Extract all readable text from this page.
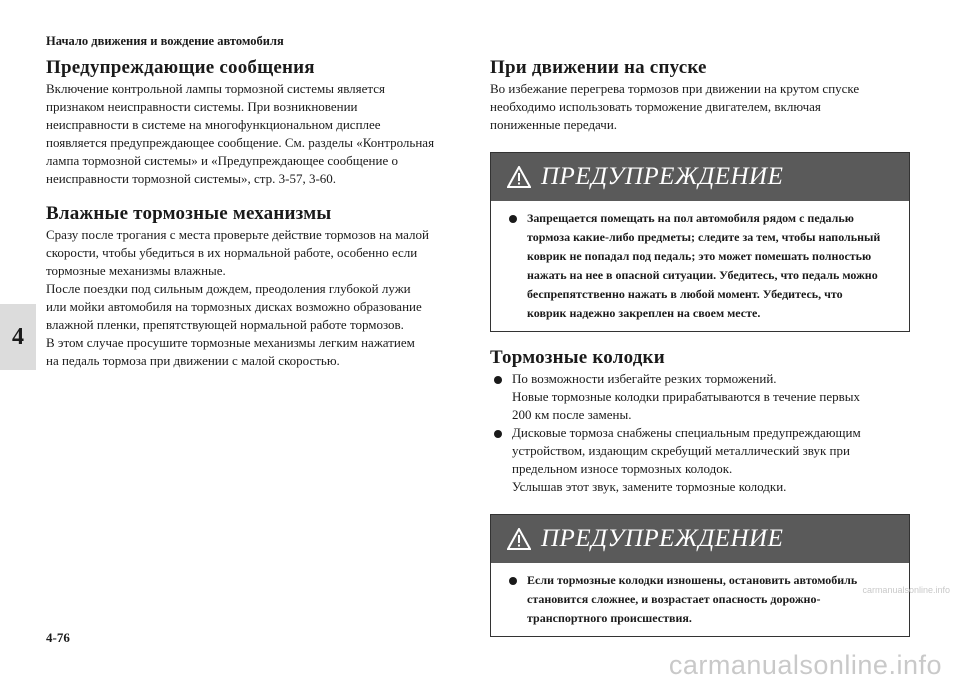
Начало движения и вождение автомобиля
4
Предупреждающие сообщения

Включение контрольной лампы тормозной системы является
признаком неисправности системы. При возникновении
неисправности в системе на многофункциональном дисплее
появляется предупреждающее сообщение. См. разделы «Контрольная
лампа тормозной системы» и «Предупреждающее сообщение о
неисправности тормозной системы», стр. 3-57, 3-60.

Влажные тормозные механизмы

Сразу после трогания с места проверьте действие тормозов на малой
скорости, чтобы убедиться в их нормальной работе, особенно если
тормозные механизмы влажные.
После поездки под сильным дождем, преодоления глубокой лужи
или мойки автомобиля на тормозных дисках возможно образование
влажной пленки, препятствующей нормальной работе тормозов.
В этом случае просушите тормозные механизмы легким нажатием
на педаль тормоза при движении с малой скоростью.

При движении на спуске

Во избежание перегрева тормозов при движении на крутом спуске
необходимо использовать торможение двигателем, включая
пониженные передачи.

ПРЕДУПРЕЖДЕНИЕ
Запрещается помещать на пол автомобиля рядом с педалью
тормоза какие-либо предметы; следите за тем, чтобы напольный
коврик не попадал под педаль; это может помешать полностью
нажать на нее в опасной ситуации. Убедитесь, что педаль можно
беспрепятственно нажать в любой момент. Убедитесь, что
коврик надежно закреплен на своем месте.
Тормозные колодки
По возможности избегайте резких торможений.
Новые тормозные колодки прирабатываются в течение первых
200 км после замены.
Дисковые тормоза снабжены специальным предупреждающим
устройством, издающим скребущий металлический звук при
предельном износе тормозных колодок.
Услышав этот звук, замените тормозные колодки.
ПРЕДУПРЕЖДЕНИЕ
Если тормозные колодки изношены, остановить автомобиль
становится сложнее, и возрастает опасность дорожно-
транспортного происшествия.
4-76
carmanualsonline.info
carmanualsonline.info
